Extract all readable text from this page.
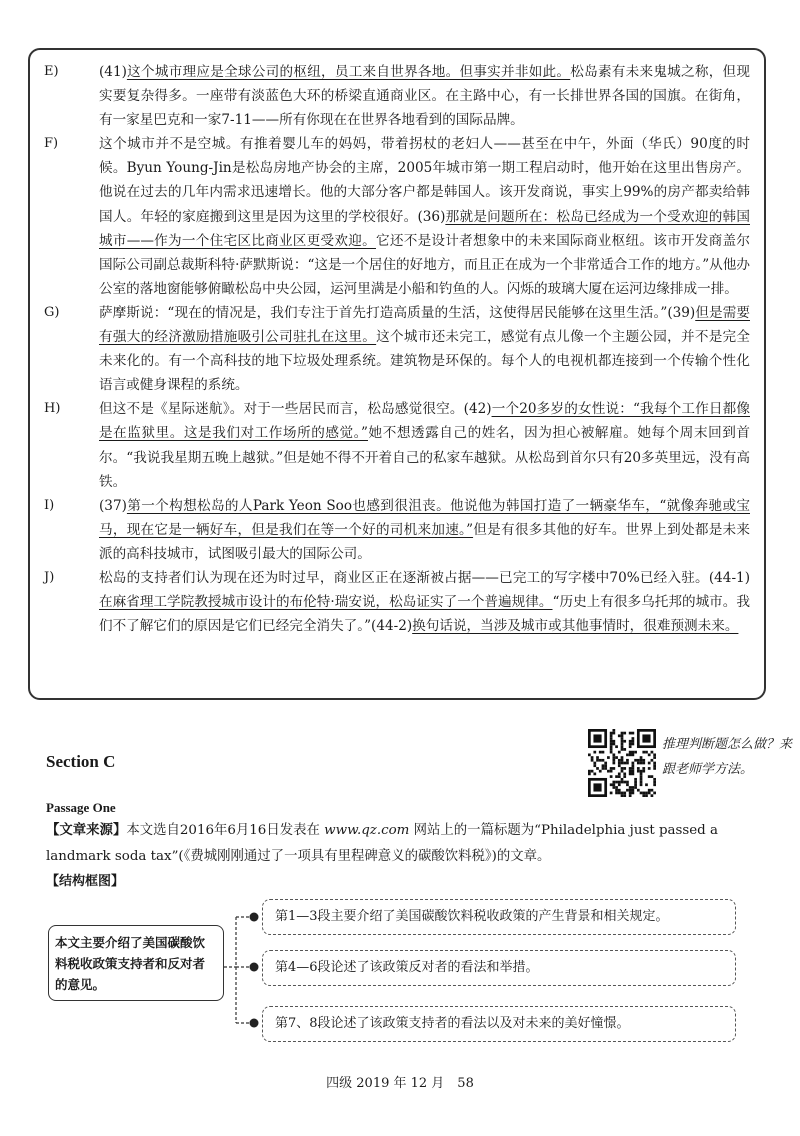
E)	(41)这个城市理应是全球公司的枢纽，员工来自世界各地。但事实并非如此。松岛素有未来鬼城之称，但现实要复杂得多。一座带有淡蓝色大环的桥梁直通商业区。在主路中心，有一长排世界各国的国旗。在街角，有一家星巴克和一家7-11——所有你现在在世界各地看到的国际品牌。

F)	这个城市并不是空城。有推着婴儿车的妈妈，带着拐杖的老妇人——甚至在中午，外面（华氏）90度的时候。Byun Young-Jin是松岛房地产协会的主席，2005年城市第一期工程启动时，他开始在这里出售房产。他说在过去的几年内需求迅速增长。他的大部分客户都是韩国人。该开发商说，事实上99%的房产都卖给韩国人。年轻的家庭搬到这里是因为这里的学校很好。(36)那就是问题所在：松岛已经成为一个受欢迎的韩国城市——作为一个住宅区比商业区更受欢迎。它还不是设计者想象中的未来国际商业枢纽。该市开发商盖尔国际公司副总裁斯科特·萨默斯说：“这是一个居住的好地方，而且正在成为一个非常适合工作的地方。”从他办公室的落地窗能够俯瞰松岛中央公园，运河里满是小船和钓鱼的人。闪烁的玻璃大厦在运河边缘排成一排。

G)	萨摩斯说：“现在的情况是，我们专注于首先打造高质量的生活，这使得居民能够在这里生活。”(39)但是需要有强大的经济激励措施吸引公司驻扎在这里。这个城市还未完工，感觉有点儿像一个主题公园，并不是完全未来化的。有一个高科技的地下垃圾处理系统。建筑物是环保的。每个人的电视机都连接到一个传输个性化语言或健身课程的系统。

H)	但这不是《星际迷航》。对于一些居民而言，松岛感觉很空。(42)一个20多岁的女性说：“我每个工作日都像是在监狱里。这是我们对工作场所的感觉。”她不想透露自己的姓名，因为担心被解雇。她每个周末回到首尔。“我说我星期五晚上越狱。”但是她不得不开着自己的私家车越狱。从松岛到首尔只有20多英里远，没有高铁。

I)	(37)第一个构想松岛的人Park Yeon Soo也感到很沮丧。他说他为韩国打造了一辆豪华车，“就像奔驰或宝马，现在它是一辆好车，但是我们在等一个好的司机来加速。”但是有很多其他的好车。世界上到处都是未来派的高科技城市，试图吸引最大的国际公司。

J)	松岛的支持者们认为现在还为时过早，商业区正在逐渐被占据——已完工的写字楼中70%已经入驻。(44-1)在麻省理工学院教授城市设计的布伦特·瑞安说，松岛证实了一个普遍规律。“历史上有很多乌托邦的城市。我们不了解它们的原因是它们已经完全消失了。”(44-2)换句话说，当涉及城市或其他事情时，很难预测未来。

Section C
推理判断题怎么做？来跟老师学方法。
Passage One

【文章来源】本文选自2016年6月16日发表在 www.qz.com 网站上的一篇标题为“Philadelphia just passed a landmark soda tax”(《费城刚刚通过了一项具有里程碑意义的碳酸饮料税》)的文章。

【结构框图】
本文主要介绍了美国碳酸饮料税收政策支持者和反对者的意见。
第1—3段主要介绍了美国碳酸饮料税收政策的产生背景和相关规定。
第4—6段论述了该政策反对者的看法和举措。
第7、8段论述了该政策支持者的看法以及对未来的美好憧憬。
四级 2019 年 12 月　58
